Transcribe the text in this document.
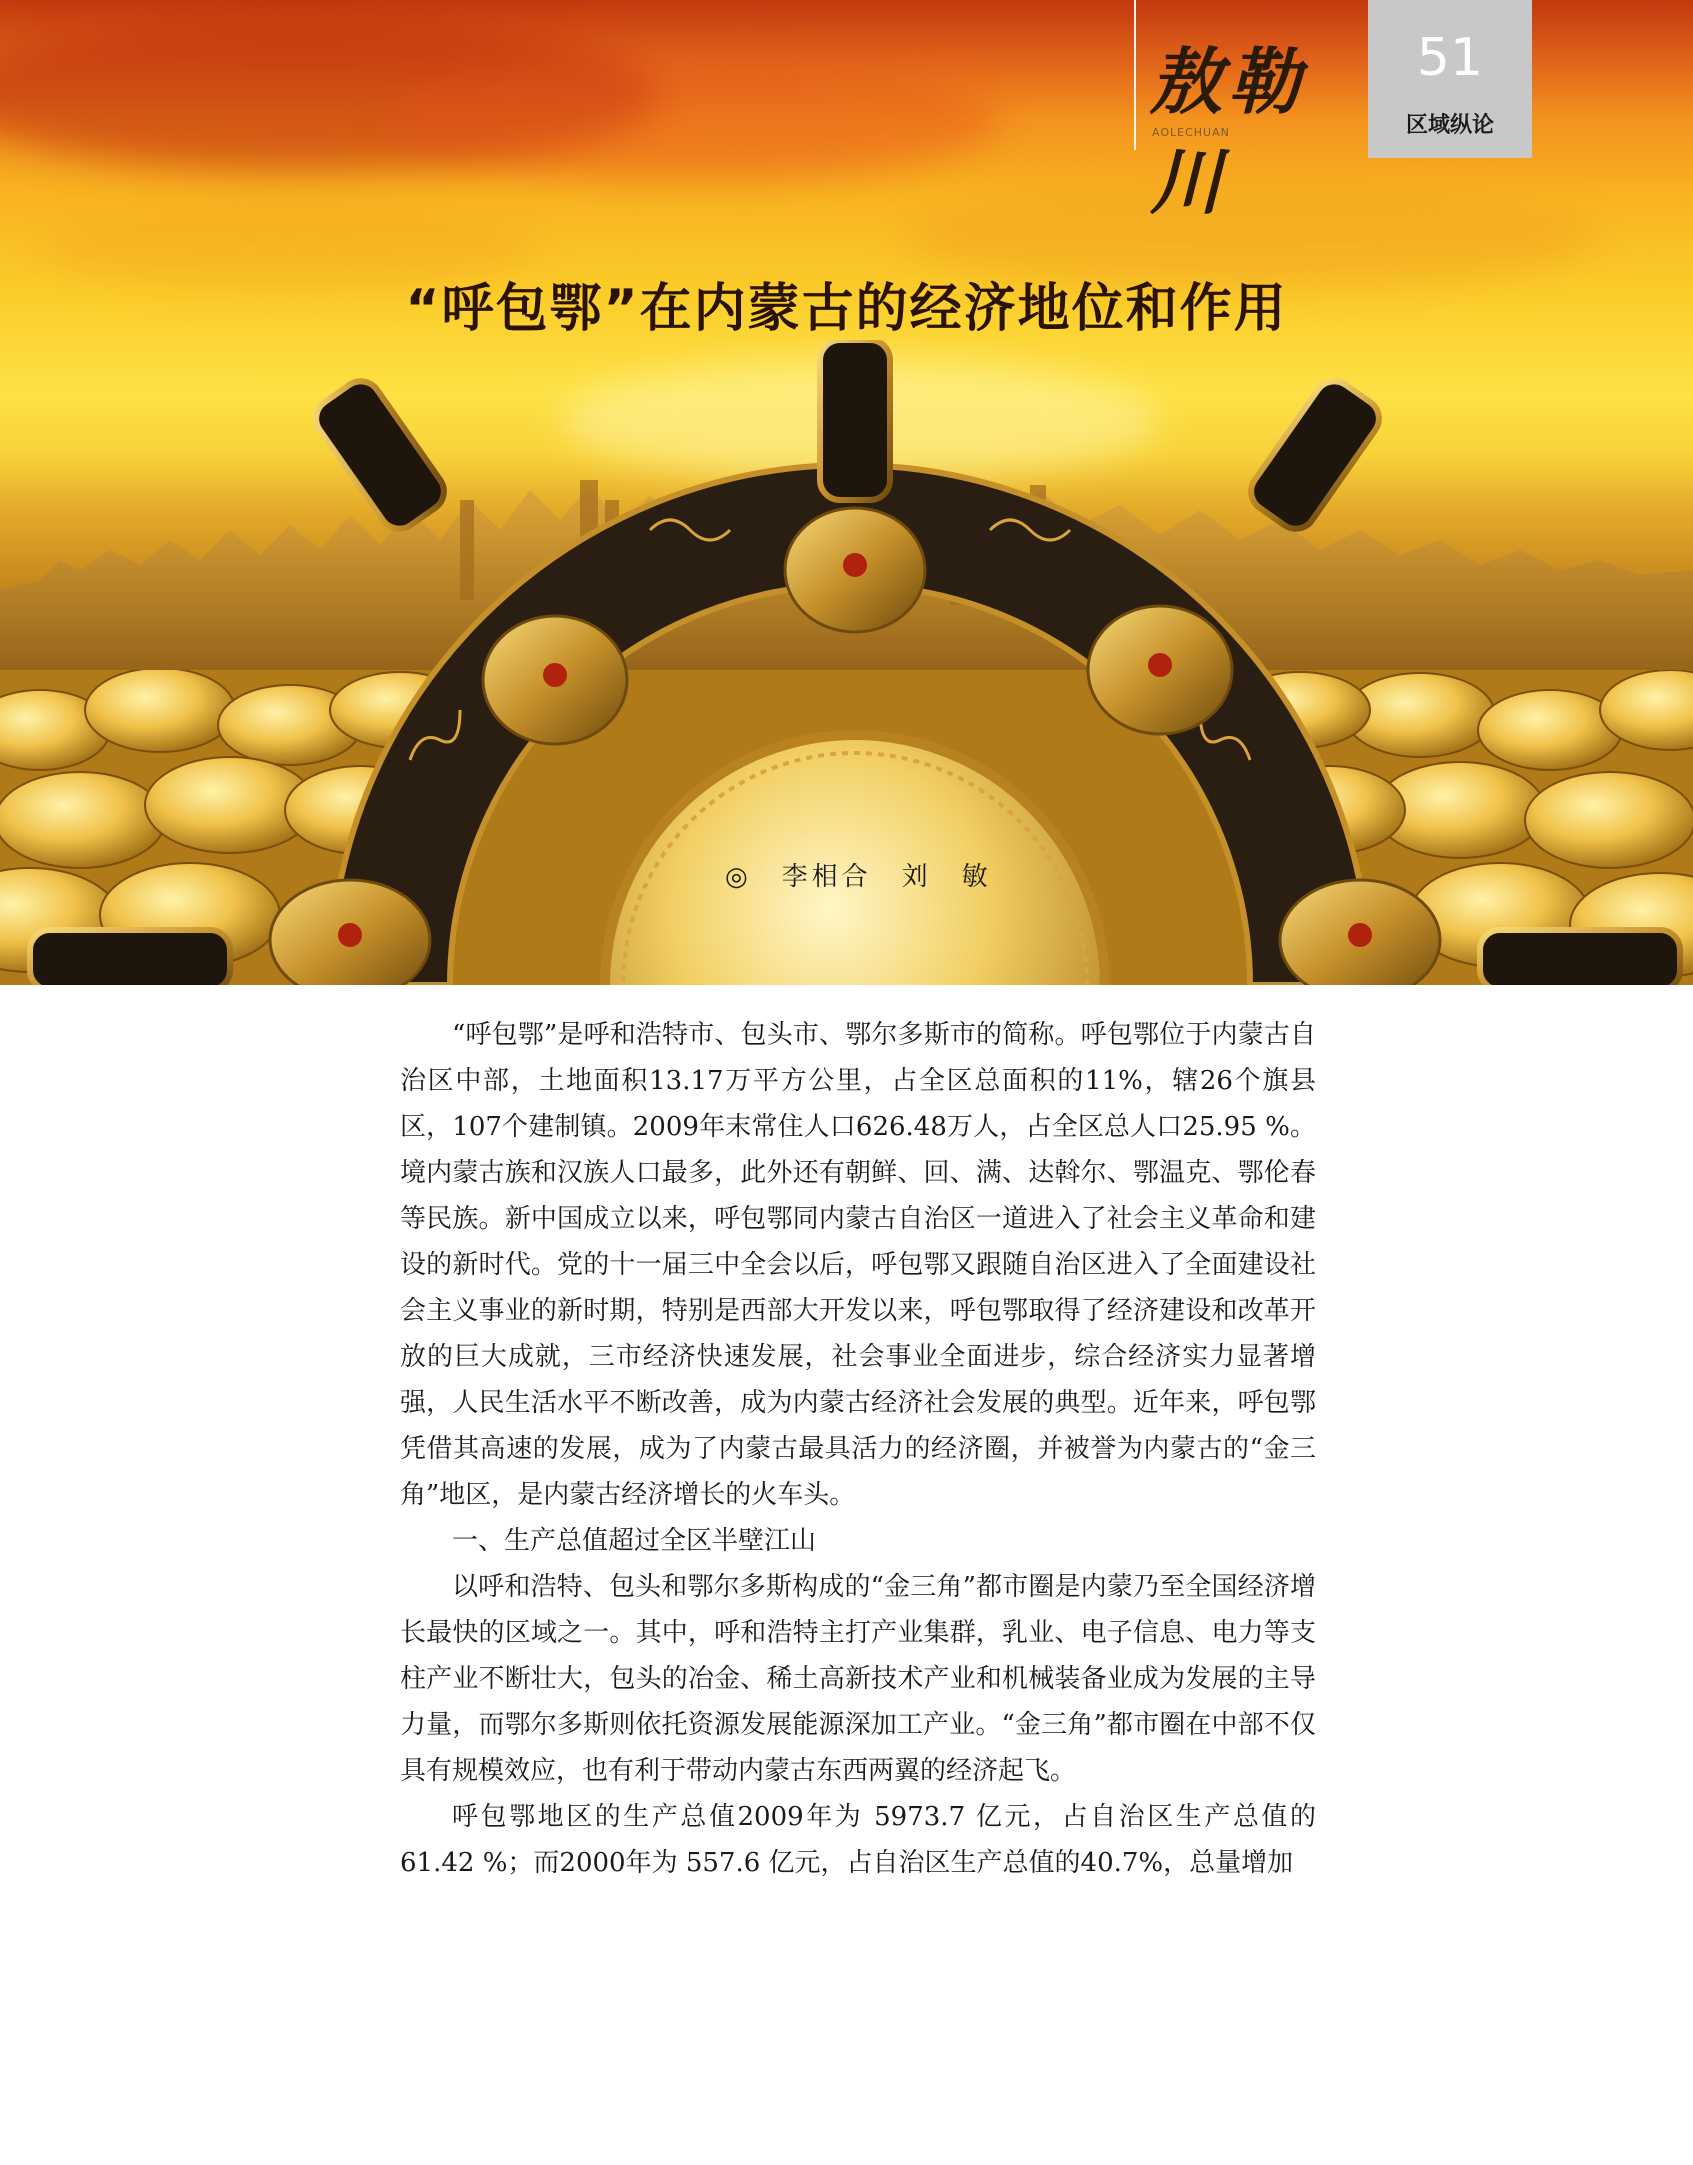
◎　李相合　刘　敏
敖勒川
AOLECHUAN
51
区域纵论
“呼包鄂”在内蒙古的经济地位和作用

“呼包鄂”是呼和浩特市、包头市、鄂尔多斯市的简称。呼包鄂位于内蒙古自治区中部，土地面积13.17万平方公里，占全区总面积的11%，辖26个旗县区，107个建制镇。2009年末常住人口626.48万人，占全区总人口25.95 %。境内蒙古族和汉族人口最多，此外还有朝鲜、回、满、达斡尔、鄂温克、鄂伦春等民族。新中国成立以来，呼包鄂同内蒙古自治区一道进入了社会主义革命和建设的新时代。党的十一届三中全会以后，呼包鄂又跟随自治区进入了全面建设社会主义事业的新时期，特别是西部大开发以来，呼包鄂取得了经济建设和改革开放的巨大成就，三市经济快速发展，社会事业全面进步，综合经济实力显著增强，人民生活水平不断改善，成为内蒙古经济社会发展的典型。近年来，呼包鄂凭借其高速的发展，成为了内蒙古最具活力的经济圈，并被誉为内蒙古的“金三角”地区，是内蒙古经济增长的火车头。

一、生产总值超过全区半壁江山

以呼和浩特、包头和鄂尔多斯构成的“金三角”都市圈是内蒙乃至全国经济增长最快的区域之一。其中，呼和浩特主打产业集群，乳业、电子信息、电力等支柱产业不断壮大，包头的冶金、稀土高新技术产业和机械装备业成为发展的主导力量，而鄂尔多斯则依托资源发展能源深加工产业。“金三角”都市圈在中部不仅具有规模效应，也有利于带动内蒙古东西两翼的经济起飞。

呼包鄂地区的生产总值2009年为 5973.7 亿元，占自治区生产总值的61.42 %；而2000年为 557.6 亿元，占自治区生产总值的40.7%，总量增加
